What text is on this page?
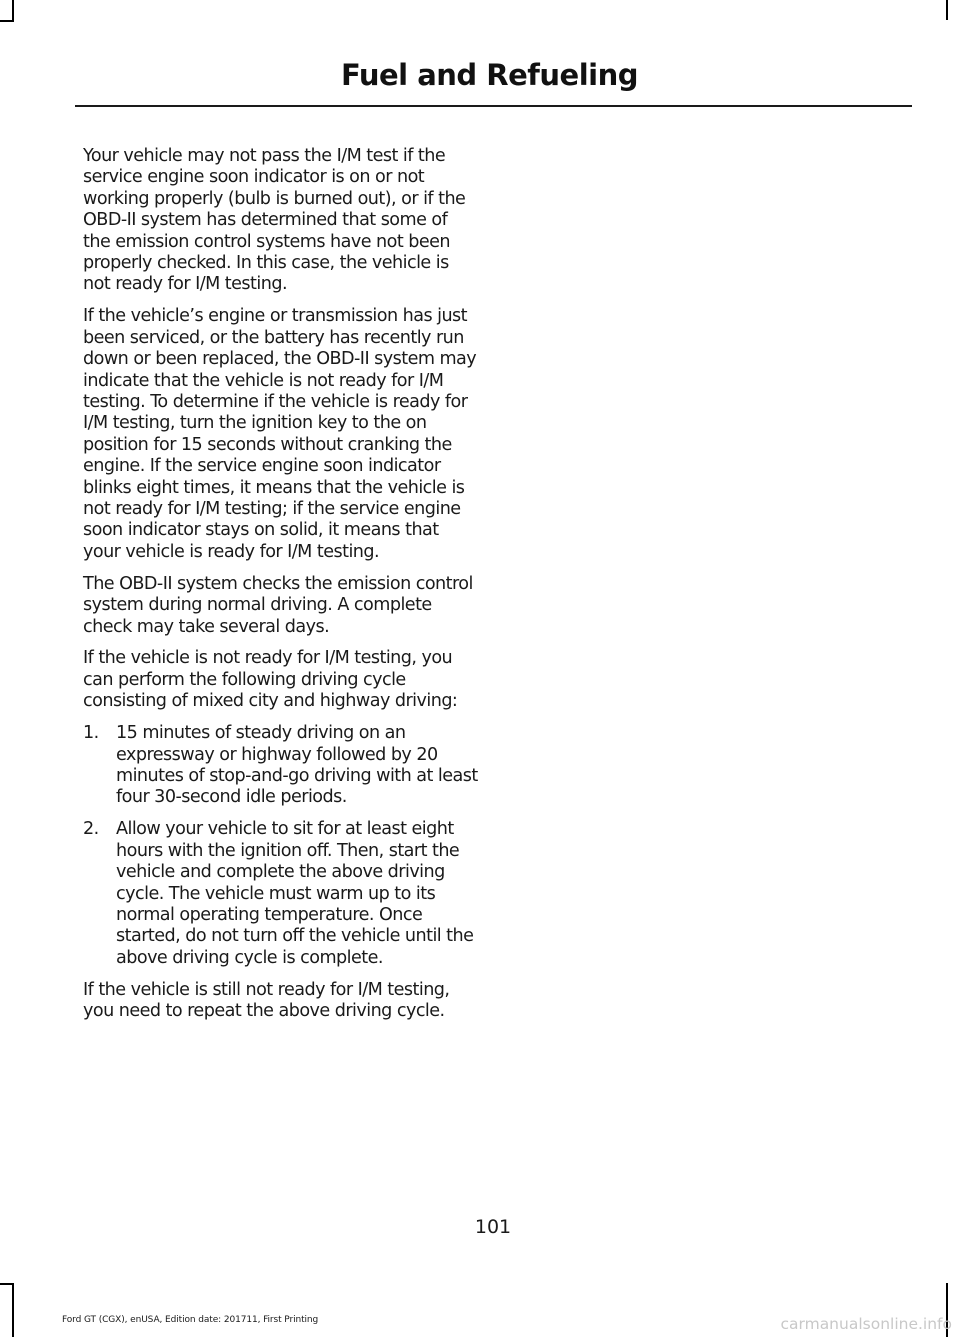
Fuel and Refueling

Your vehicle may not pass the I/M test if the service engine soon indicator is on or not working properly (bulb is burned out), or if the OBD-II system has determined that some of the emission control systems have not been properly checked. In this case, the vehicle is not ready for I/M testing.

If the vehicle’s engine or transmission has just been serviced, or the battery has recently run down or been replaced, the OBD-II system may indicate that the vehicle is not ready for I/M testing. To determine if the vehicle is ready for I/M testing, turn the ignition key to the on position for 15 seconds without cranking the engine. If the service engine soon indicator blinks eight times, it means that the vehicle is not ready for I/M testing; if the service engine soon indicator stays on solid, it means that your vehicle is ready for I/M testing.

The OBD-II system checks the emission control system during normal driving. A complete check may take several days.

If the vehicle is not ready for I/M testing, you can perform the following driving cycle consisting of mixed city and highway driving:

1. 15 minutes of steady driving on an expressway or highway followed by 20 minutes of stop-and-go driving with at least four 30-second idle periods.
2. Allow your vehicle to sit for at least eight hours with the ignition off. Then, start the vehicle and complete the above driving cycle. The vehicle must warm up to its normal operating temperature. Once started, do not turn off the vehicle until the above driving cycle is complete.

If the vehicle is still not ready for I/M testing, you need to repeat the above driving cycle.

101
Ford GT (CGX), enUSA, Edition date: 201711, First Printing	carmanualsonline.info
